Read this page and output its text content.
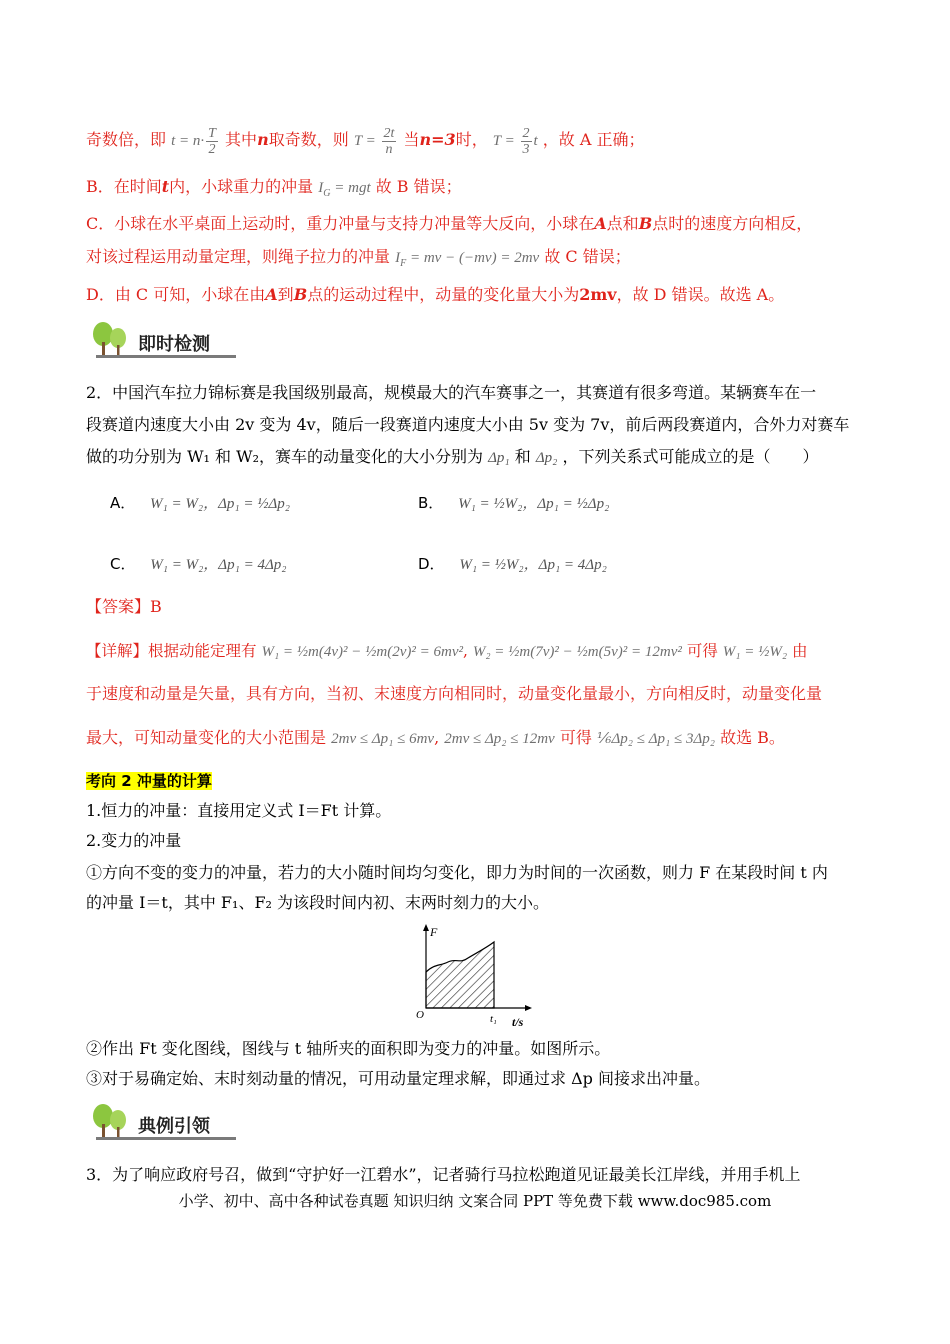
奇数倍，即 $t = n\cdot \frac{T}{2}$ 其中n取奇数，则 $T = \frac{2t}{n}$ 当n=3时， $T = \frac{2}{3}$ t ，故 A 正确；
B．在时间t内，小球重力的冲量 $I_G$ = mgt 故 B 错误；
C．小球在水平桌面上运动时，重力冲量与支持力冲量等大反向，小球在A点和B点时的速度方向相反，
对该过程运用动量定理，则绳子拉力的冲量 $I_F$ = mv − (−mv) = 2mv 故 C 错误；
D．由 C 可知，小球在由A到B点的运动过程中，动量的变化量大小为2mv，故 D 错误。故选 A。
即时检测
2．中国汽车拉力锦标赛是我国级别最高，规模最大的汽车赛事之一，其赛道有很多弯道。某辆赛车在一
段赛道内速度大小由 2v 变为 4v，随后一段赛道内速度大小由 5v 变为 7v，前后两段赛道内，合外力对赛车
做的功分别为 W₁ 和 W₂，赛车的动量变化的大小分别为 Δp₁ 和 Δp₂ ，下列关系式可能成立的是（　　）
A． W₁ = W₂，Δp₁ = ½Δp₂	B． W₁ = ½W₂，Δp₁ = ½Δp₂
C． W₁ = W₂，Δp₁ = 4Δp₂	D． W₁ = ½W₂，Δp₁ = 4Δp₂
【答案】B
【详解】根据动能定理有 W₁ = ½m(4v)² − ½m(2v)² = 6mv², W₂ = ½m(7v)² − ½m(5v)² = 12mv² 可得 W₁ = ½W₂ 由
于速度和动量是矢量，具有方向，当初、末速度方向相同时，动量变化量最小，方向相反时，动量变化量
最大，可知动量变化的大小范围是 2mv ≤ Δp₁ ≤ 6mv, 2mv ≤ Δp₂ ≤ 12mv 可得 ⅙Δp₂ ≤ Δp₁ ≤ 3Δp₂ 故选 B。
考向 2 冲量的计算
1.恒力的冲量：直接用定义式 I＝Ft 计算。
2.变力的冲量
①方向不变的变力的冲量，若力的大小随时间均匀变化，即力为时间的一次函数，则力 F 在某段时间 t 内
的冲量 I＝t，其中 F₁、F₂ 为该段时间内初、末两时刻力的大小。
F
O	t₁ t/s
②作出 Ft 变化图线，图线与 t 轴所夹的面积即为变力的冲量。如图所示。
③对于易确定始、末时刻动量的情况，可用动量定理求解，即通过求 Δp 间接求出冲量。
典例引领
3．为了响应政府号召，做到“守护好一江碧水”，记者骑行马拉松跑道见证最美长江岸线，并用手机上
小学、初中、高中各种试卷真题 知识归纳 文案合同 PPT 等免费下载 www.doc985.com
